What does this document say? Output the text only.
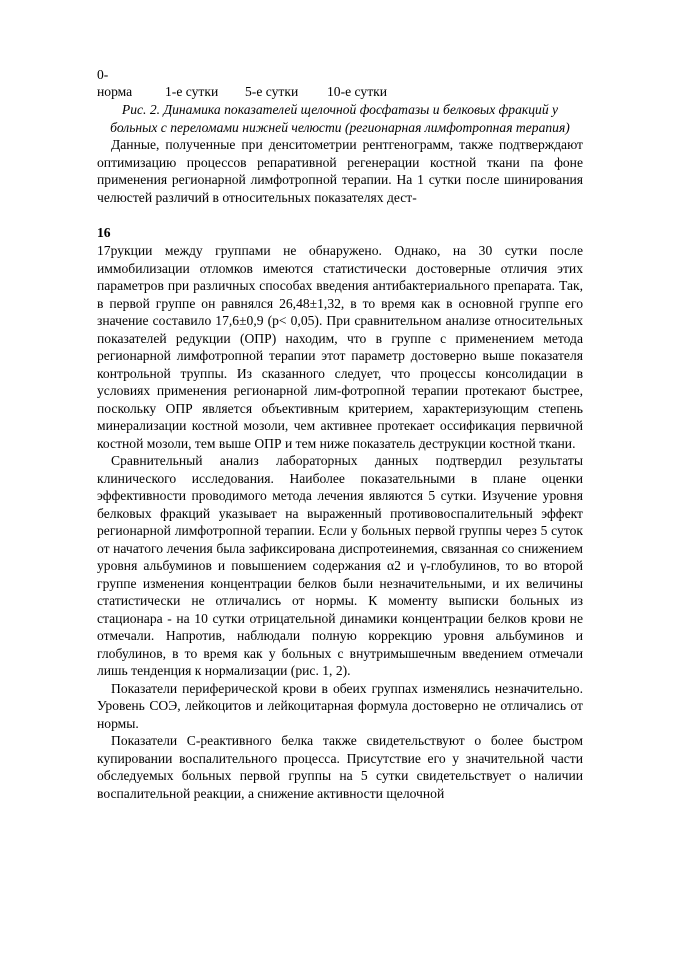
0-
норма 1-е сутки 5-е сутки 10-е сутки
Рис. 2. Динамика показателей щелочной фосфатазы и белковых фракций у больных с переломами нижней челюсти (регионарная лимфотропная терапия)

Данные, полученные при денситометрии рентгенограмм, также подтверждают оптимизацию процессов репаративной регенерации костной ткани па фоне применения регионарной лимфотропной терапии. На 1 сутки после шинирования челюстей различий в относительных показателях дест-

16

17рукции между группами не обнаружено. Однако, на 30 сутки после иммобилизации отломков имеются статистически достоверные отличия этих параметров при различных способах введения антибактериального препарата. Так, в первой группе он равнялся 26,48±1,32, в то время как в основной группе его значение составило 17,6±0,9 (р< 0,05). При сравнительном анализе относительных показателей редукции (ОПР) находим, что в группе с применением метода регионарной лимфотропной терапии этот параметр достоверно выше показателя контрольной труппы. Из сказанного следует, что процессы консолидации в условиях применения регионарной лим-фотропной терапии протекают быстрее, поскольку ОПР является объективным критерием, характеризующим степень минерализации костной мозоли, чем активнее протекает оссификация первичной костной мозоли, тем выше ОПР и тем ниже показатель деструкции костной ткани.

Сравнительный анализ лабораторных данных подтвердил результаты клинического исследования. Наиболее показательными в плане оценки эффективности проводимого метода лечения являются 5 сутки. Изучение уровня белковых фракций указывает на выраженный противовоспалительный эффект регионарной лимфотропной терапии. Если у больных первой группы через 5 суток от начатого лечения была зафиксирована диспротеинемия, связанная со снижением уровня альбуминов и повышением содержания α2 и γ-глобулинов, то во второй группе изменения концентрации белков были незначительными, и их величины статистически не отличались от нормы. К моменту выписки больных из стационара - на 10 сутки отрицательной динамики концентрации белков крови не отмечали. Напротив, наблюдали полную коррекцию уровня альбуминов и глобулинов, в то время как у больных с внутримышечным введением отмечали лишь тенденция к нормализации (рис. 1, 2).

Показатели периферической крови в обеих группах изменялись незначительно. Уровень СОЭ, лейкоцитов и лейкоцитарная формула достоверно не отличались от нормы.

Показатели С-реактивного белка также свидетельствуют о более быстром купировании воспалительного процесса. Присутствие его у значительной части обследуемых больных первой группы на 5 сутки свидетельствует о наличии воспалительной реакции, а снижение активности щелочной
